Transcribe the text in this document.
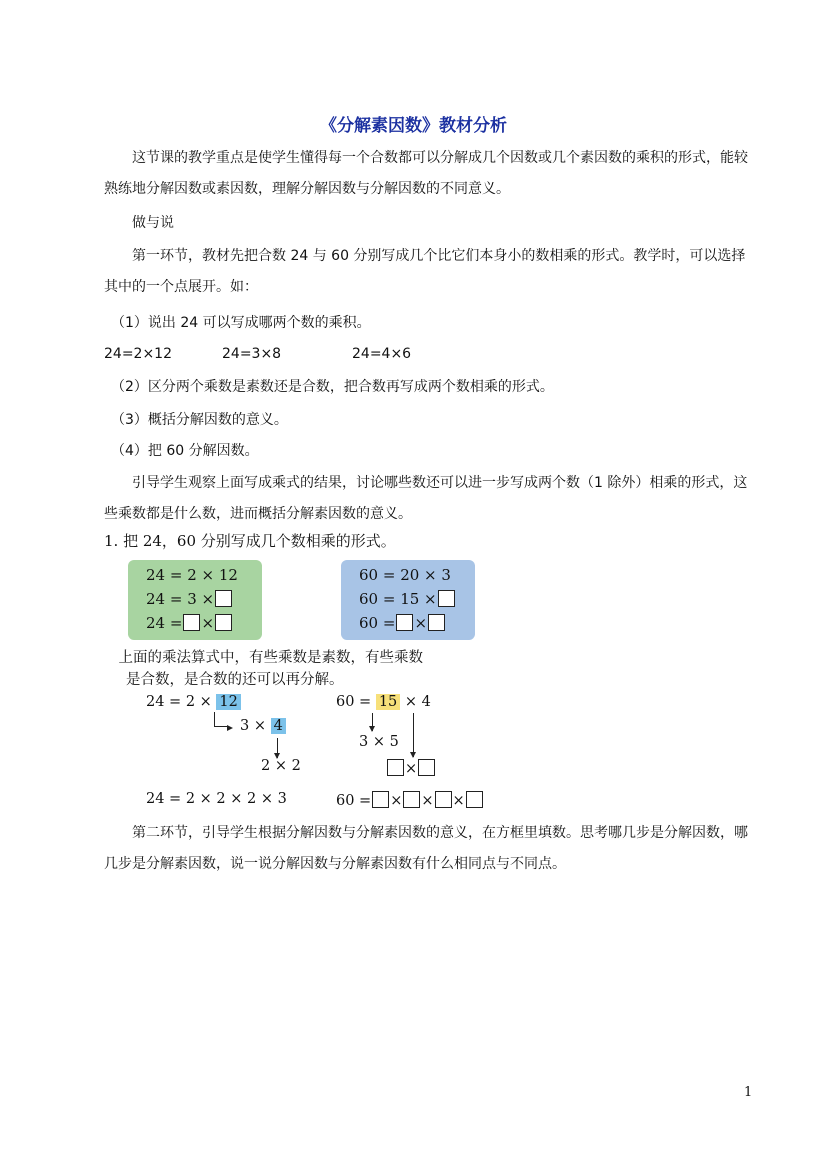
《分解素因数》教材分析

　　这节课的教学重点是使学生懂得每一个合数都可以分解成几个因数或几个素因数的乘积的形式，能较熟练地分解因数或素因数，理解分解因数与分解因数的不同意义。

　　做与说

　　第一环节，教材先把合数 24 与 60 分别写成几个比它们本身小的数相乘的形式。教学时，可以选择其中的一个点展开。如：

　（1）说出 24 可以写成哪两个数的乘积。

24=2×12	24=3×8	24=4×6

　（2）区分两个乘数是素数还是合数，把合数再写成两个数相乘的形式。

　（3）概括分解因数的意义。

　（4）把 60 分解因数。

　　引导学生观察上面写成乘式的结果，讨论哪些数还可以进一步写成两个数（1 除外）相乘的形式，这些乘数都是什么数，进而概括分解素因数的意义。

1. 把 24，60 分别写成几个数相乘的形式。
24 = 2 × 12
24 = 3 ×
24 = ×
60 = 20 × 3
60 = 15 ×
60 = ×
　上面的乘法算式中，有些乘数是素数，有些乘数
是合数，是合数的还可以再分解。
24 = 2 × 12
3 × 4
2 × 2
24 = 2 × 2 × 2 × 3
60 = 15 × 4
3 × 5
×
60 = × × ×

　　第二环节，引导学生根据分解因数与分解素因数的意义，在方框里填数。思考哪几步是分解因数，哪几步是分解素因数，说一说分解因数与分解素因数有什么相同点与不同点。

1
